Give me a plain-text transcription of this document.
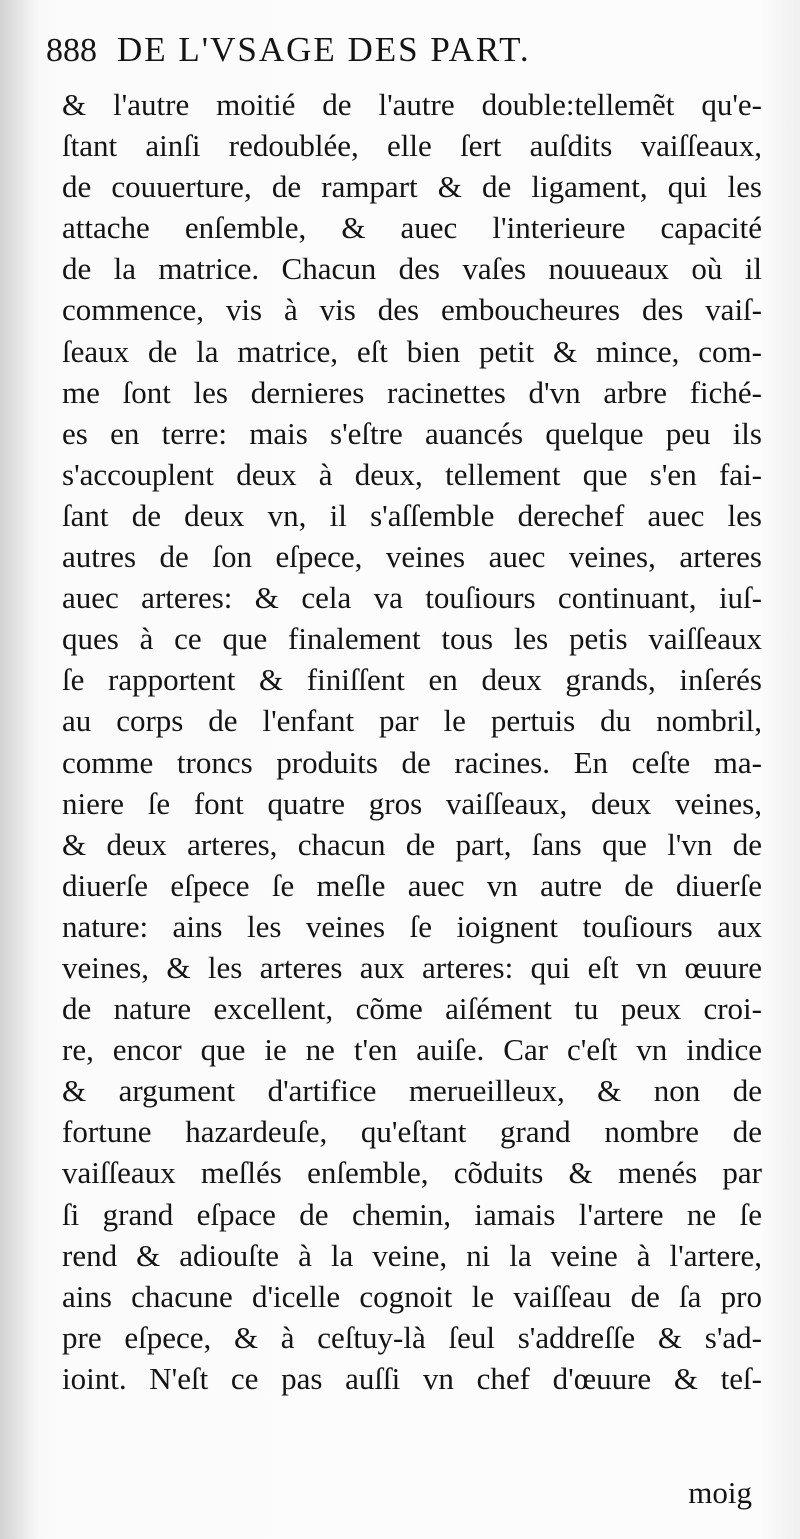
888 DE L'VSAGE DES PART.
& l'autre moitié de l'autre double:tellemẽt qu'e-
ſtant ainſi redoublée, elle ſert auſdits vaiſſeaux,
de couuerture, de rampart & de ligament, qui les
attache enſemble, & auec l'interieure capacité
de la matrice. Chacun des vaſes nouueaux où il
commence, vis à vis des emboucheures des vaiſ-
ſeaux de la matrice, eſt bien petit & mince, com-
me ſont les dernieres racinettes d'vn arbre fiché-
es en terre: mais s'eſtre auancés quelque peu ils
s'accouplent deux à deux, tellement que s'en fai-
ſant de deux vn, il s'aſſemble derechef auec les
autres de ſon eſpece, veines auec veines, arteres
auec arteres: & cela va touſiours continuant, iuſ-
ques à ce que finalement tous les petis vaiſſeaux
ſe rapportent & finiſſent en deux grands, inſerés
au corps de l'enfant par le pertuis du nombril,
comme troncs produits de racines. En ceſte ma-
niere ſe font quatre gros vaiſſeaux, deux veines,
& deux arteres, chacun de part, ſans que l'vn de
diuerſe eſpece ſe meſle auec vn autre de diuerſe
nature: ains les veines ſe ioignent touſiours aux
veines, & les arteres aux arteres: qui eſt vn œuure
de nature excellent, cõme aiſément tu peux croi-
re, encor que ie ne t'en auiſe. Car c'eſt vn indice
& argument d'artifice merueilleux, & non de
fortune hazardeuſe, qu'eſtant grand nombre de
vaiſſeaux meſlés enſemble, cõduits & menés par
ſi grand eſpace de chemin, iamais l'artere ne ſe
rend & adiouſte à la veine, ni la veine à l'artere,
ains chacune d'icelle cognoit le vaiſſeau de ſa pro
pre eſpece, & à ceſtuy-là ſeul s'addreſſe & s'ad-
ioint. N'eſt ce pas auſſi vn chef d'œuure & teſ-
moig
